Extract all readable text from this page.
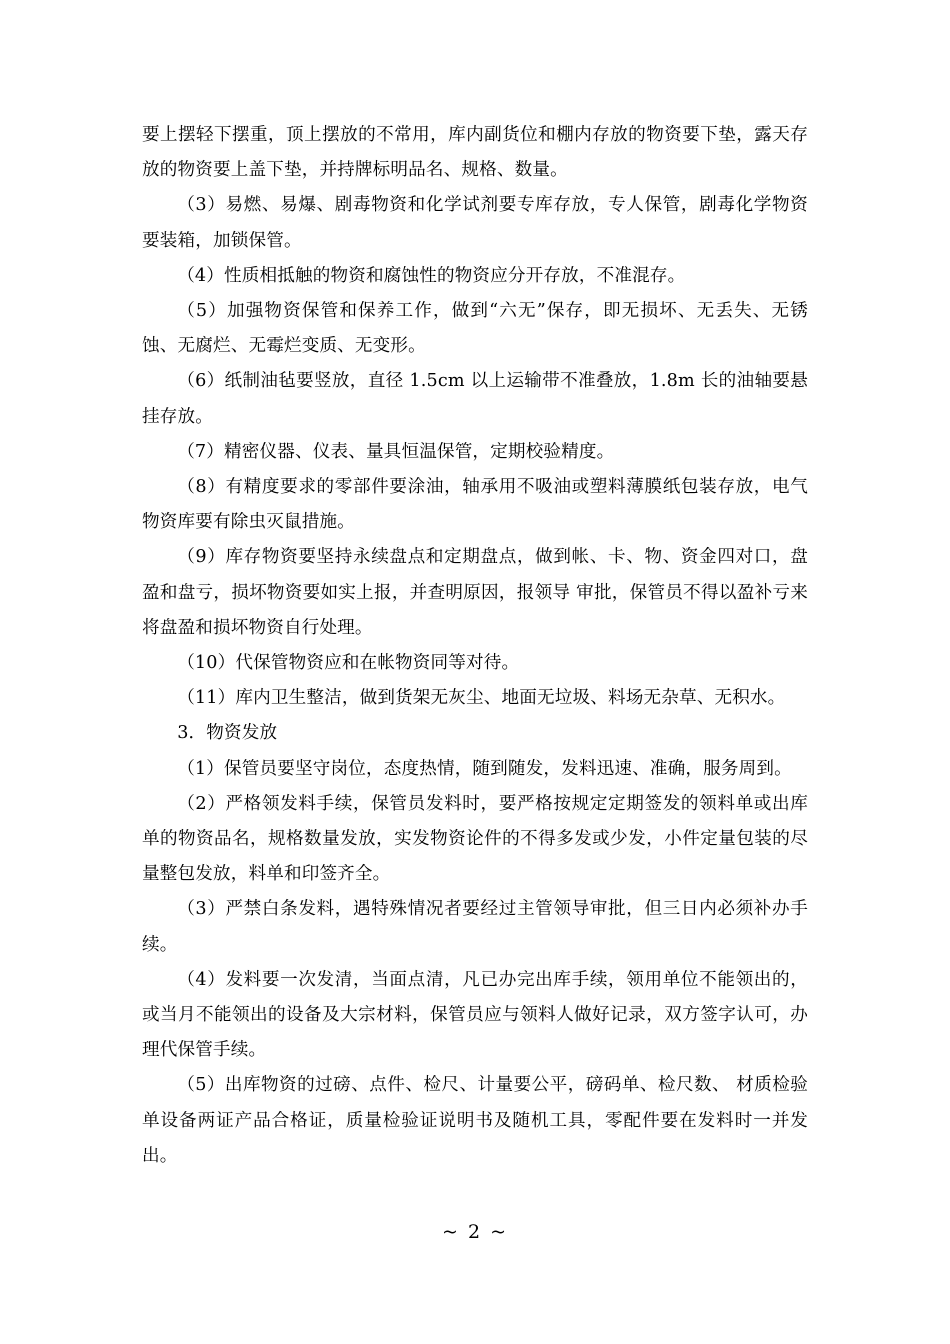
要上摆轻下摆重，顶上摆放的不常用，库内副货位和棚内存放的物资要下垫，露天存放的物资要上盖下垫，并持牌标明品名、规格、数量。

（3）易燃、易爆、剧毒物资和化学试剂要专库存放，专人保管，剧毒化学物资要装箱，加锁保管。

（4）性质相抵触的物资和腐蚀性的物资应分开存放，不准混存。

（5）加强物资保管和保养工作，做到“六无”保存，即无损坏、无丢失、无锈蚀、无腐烂、无霉烂变质、无变形。

（6）纸制油毡要竖放，直径 1.5cm 以上运输带不准叠放，1.8m 长的油轴要悬挂存放。

（7）精密仪器、仪表、量具恒温保管，定期校验精度。

（8）有精度要求的零部件要涂油，轴承用不吸油或塑料薄膜纸包装存放，电气物资库要有除虫灭鼠措施。

（9）库存物资要坚持永续盘点和定期盘点，做到帐、卡、物、资金四对口，盘盈和盘亏，损坏物资要如实上报，并查明原因，报领导 审批，保管员不得以盈补亏来将盘盈和损坏物资自行处理。

（10）代保管物资应和在帐物资同等对待。

（11）库内卫生整洁，做到货架无灰尘、地面无垃圾、料场无杂草、无积水。

3．物资发放

（1）保管员要坚守岗位，态度热情，随到随发，发料迅速、准确，服务周到。

（2）严格领发料手续，保管员发料时，要严格按规定定期签发的领料单或出库单的物资品名，规格数量发放，实发物资论件的不得多发或少发，小件定量包装的尽量整包发放，料单和印签齐全。

（3）严禁白条发料，遇特殊情况者要经过主管领导审批，但三日内必须补办手续。

（4）发料要一次发清，当面点清，凡已办完出库手续，领用单位不能领出的，或当月不能领出的设备及大宗材料，保管员应与领料人做好记录，双方签字认可，办理代保管手续。

（5）出库物资的过磅、点件、检尺、计量要公平，磅码单、检尺数、 材质检验单设备两证产品合格证，质量检验证说明书及随机工具，零配件要在发料时一并发出。

~ 2 ~
